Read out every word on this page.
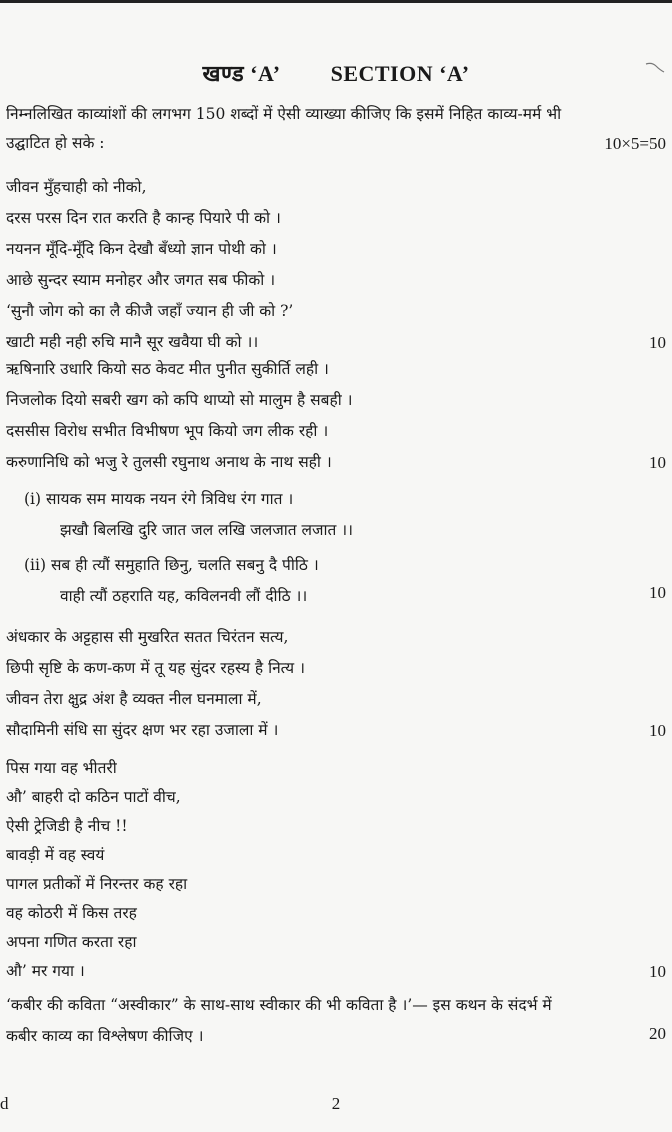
खण्ड ‘A’ SECTION ‘A’
निम्नलिखित काव्यांशों की लगभग 150 शब्दों में ऐसी व्याख्या कीजिए कि इसमें निहित काव्य-मर्म भी
उद्घाटित हो सके :	10×5=50
जीवन मुँहचाही को नीको,
दरस परस दिन रात करति है कान्ह पियारे पी को ।
नयनन मूँदि-मूँदि किन देखौ बँध्यो ज्ञान पोथी को ।
आछे सुन्दर स्याम मनोहर और जगत सब फीको ।
‘सुनौ जोग को का लै कीजै जहाँ ज्यान ही जी को ?’
खाटी मही नही रुचि मानै सूर खवैया घी को ।।	10
ऋषिनारि उधारि कियो सठ केवट मीत पुनीत सुकीर्ति लही ।
निजलोक दियो सबरी खग को कपि थाप्यो सो मालुम है सबही ।
दससीस विरोध सभीत विभीषण भूप कियो जग लीक रही ।
करुणानिधि को भजु रे तुलसी रघुनाथ अनाथ के नाथ सही ।	10
(i) सायक सम मायक नयन रंगे त्रिविध रंग गात ।
झखौ बिलखि दुरि जात जल लखि जलजात लजात ।।
(ii) सब ही त्यौं समुहाति छिनु, चलति सबनु दै पीठि ।
वाही त्यौं ठहराति यह, कविलनवी लौं दीठि ।।	10
अंधकार के अट्टहास सी मुखरित सतत चिरंतन सत्य,
छिपी सृष्टि के कण-कण में तू यह सुंदर रहस्य है नित्य ।
जीवन तेरा क्षुद्र अंश है व्यक्त नील घनमाला में,
सौदामिनी संधि सा सुंदर क्षण भर रहा उजाला में ।	10
पिस गया वह भीतरी
औ’ बाहरी दो कठिन पाटों वीच,
ऐसी ट्रेजिडी है नीच !!
बावड़ी में वह स्वयं
पागल प्रतीकों में निरन्तर कह रहा
वह कोठरी में किस तरह
अपना गणित करता रहा
औ’ मर गया ।	10
‘कबीर की कविता “अस्वीकार” के साथ-साथ स्वीकार की भी कविता है ।’— इस कथन के संदर्भ में
कबीर काव्य का विश्लेषण कीजिए ।	20
d	2
